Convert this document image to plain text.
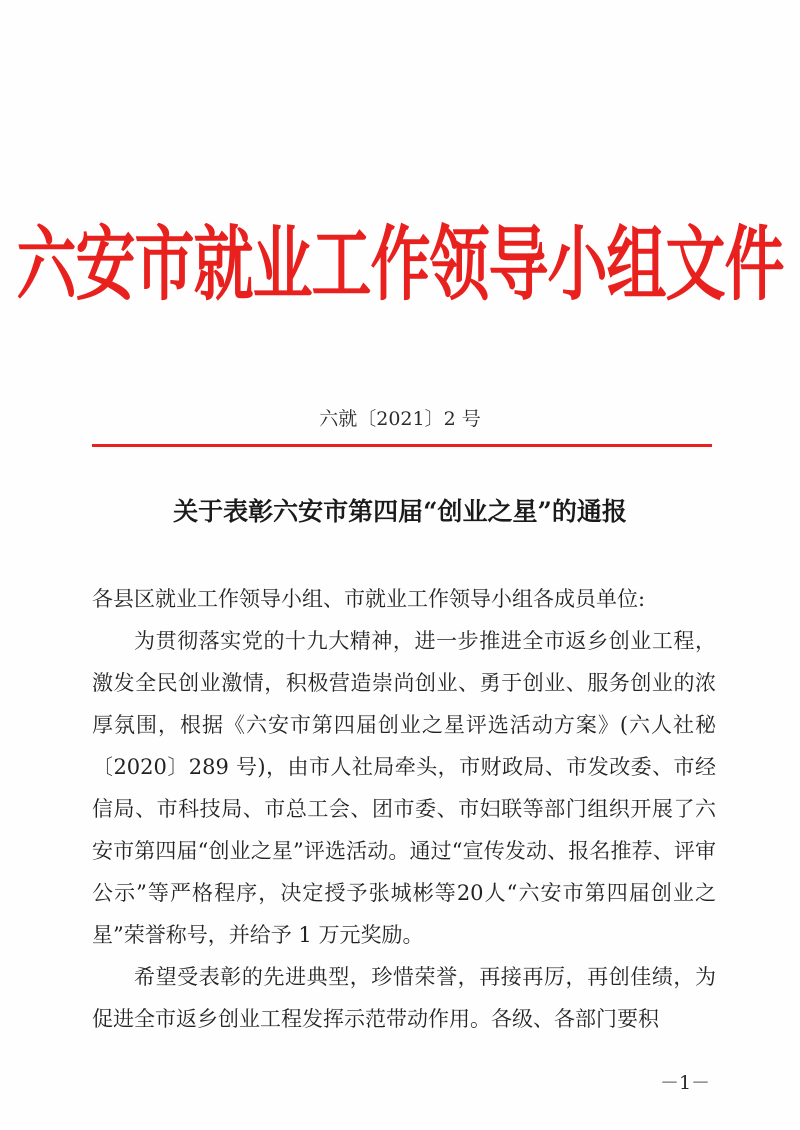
六安市就业工作领导小组文件
六就〔2021〕2 号
关于表彰六安市第四届“创业之星”的通报

各县区就业工作领导小组、市就业工作领导小组各成员单位:

为贯彻落实党的十九大精神，进一步推进全市返乡创业工程，激发全民创业激情，积极营造崇尚创业、勇于创业、服务创业的浓厚氛围，根据《六安市第四届创业之星评选活动方案》(六人社秘〔2020〕289 号)，由市人社局牵头，市财政局、市发改委、市经信局、市科技局、市总工会、团市委、市妇联等部门组织开展了六安市第四届“创业之星”评选活动。通过“宣传发动、报名推荐、评审公示”等严格程序，决定授予张城彬等20人“六安市第四届创业之星”荣誉称号，并给予 1 万元奖励。

希望受表彰的先进典型，珍惜荣誉，再接再厉，再创佳绩，为促进全市返乡创业工程发挥示范带动作用。各级、各部门要积

－1－
